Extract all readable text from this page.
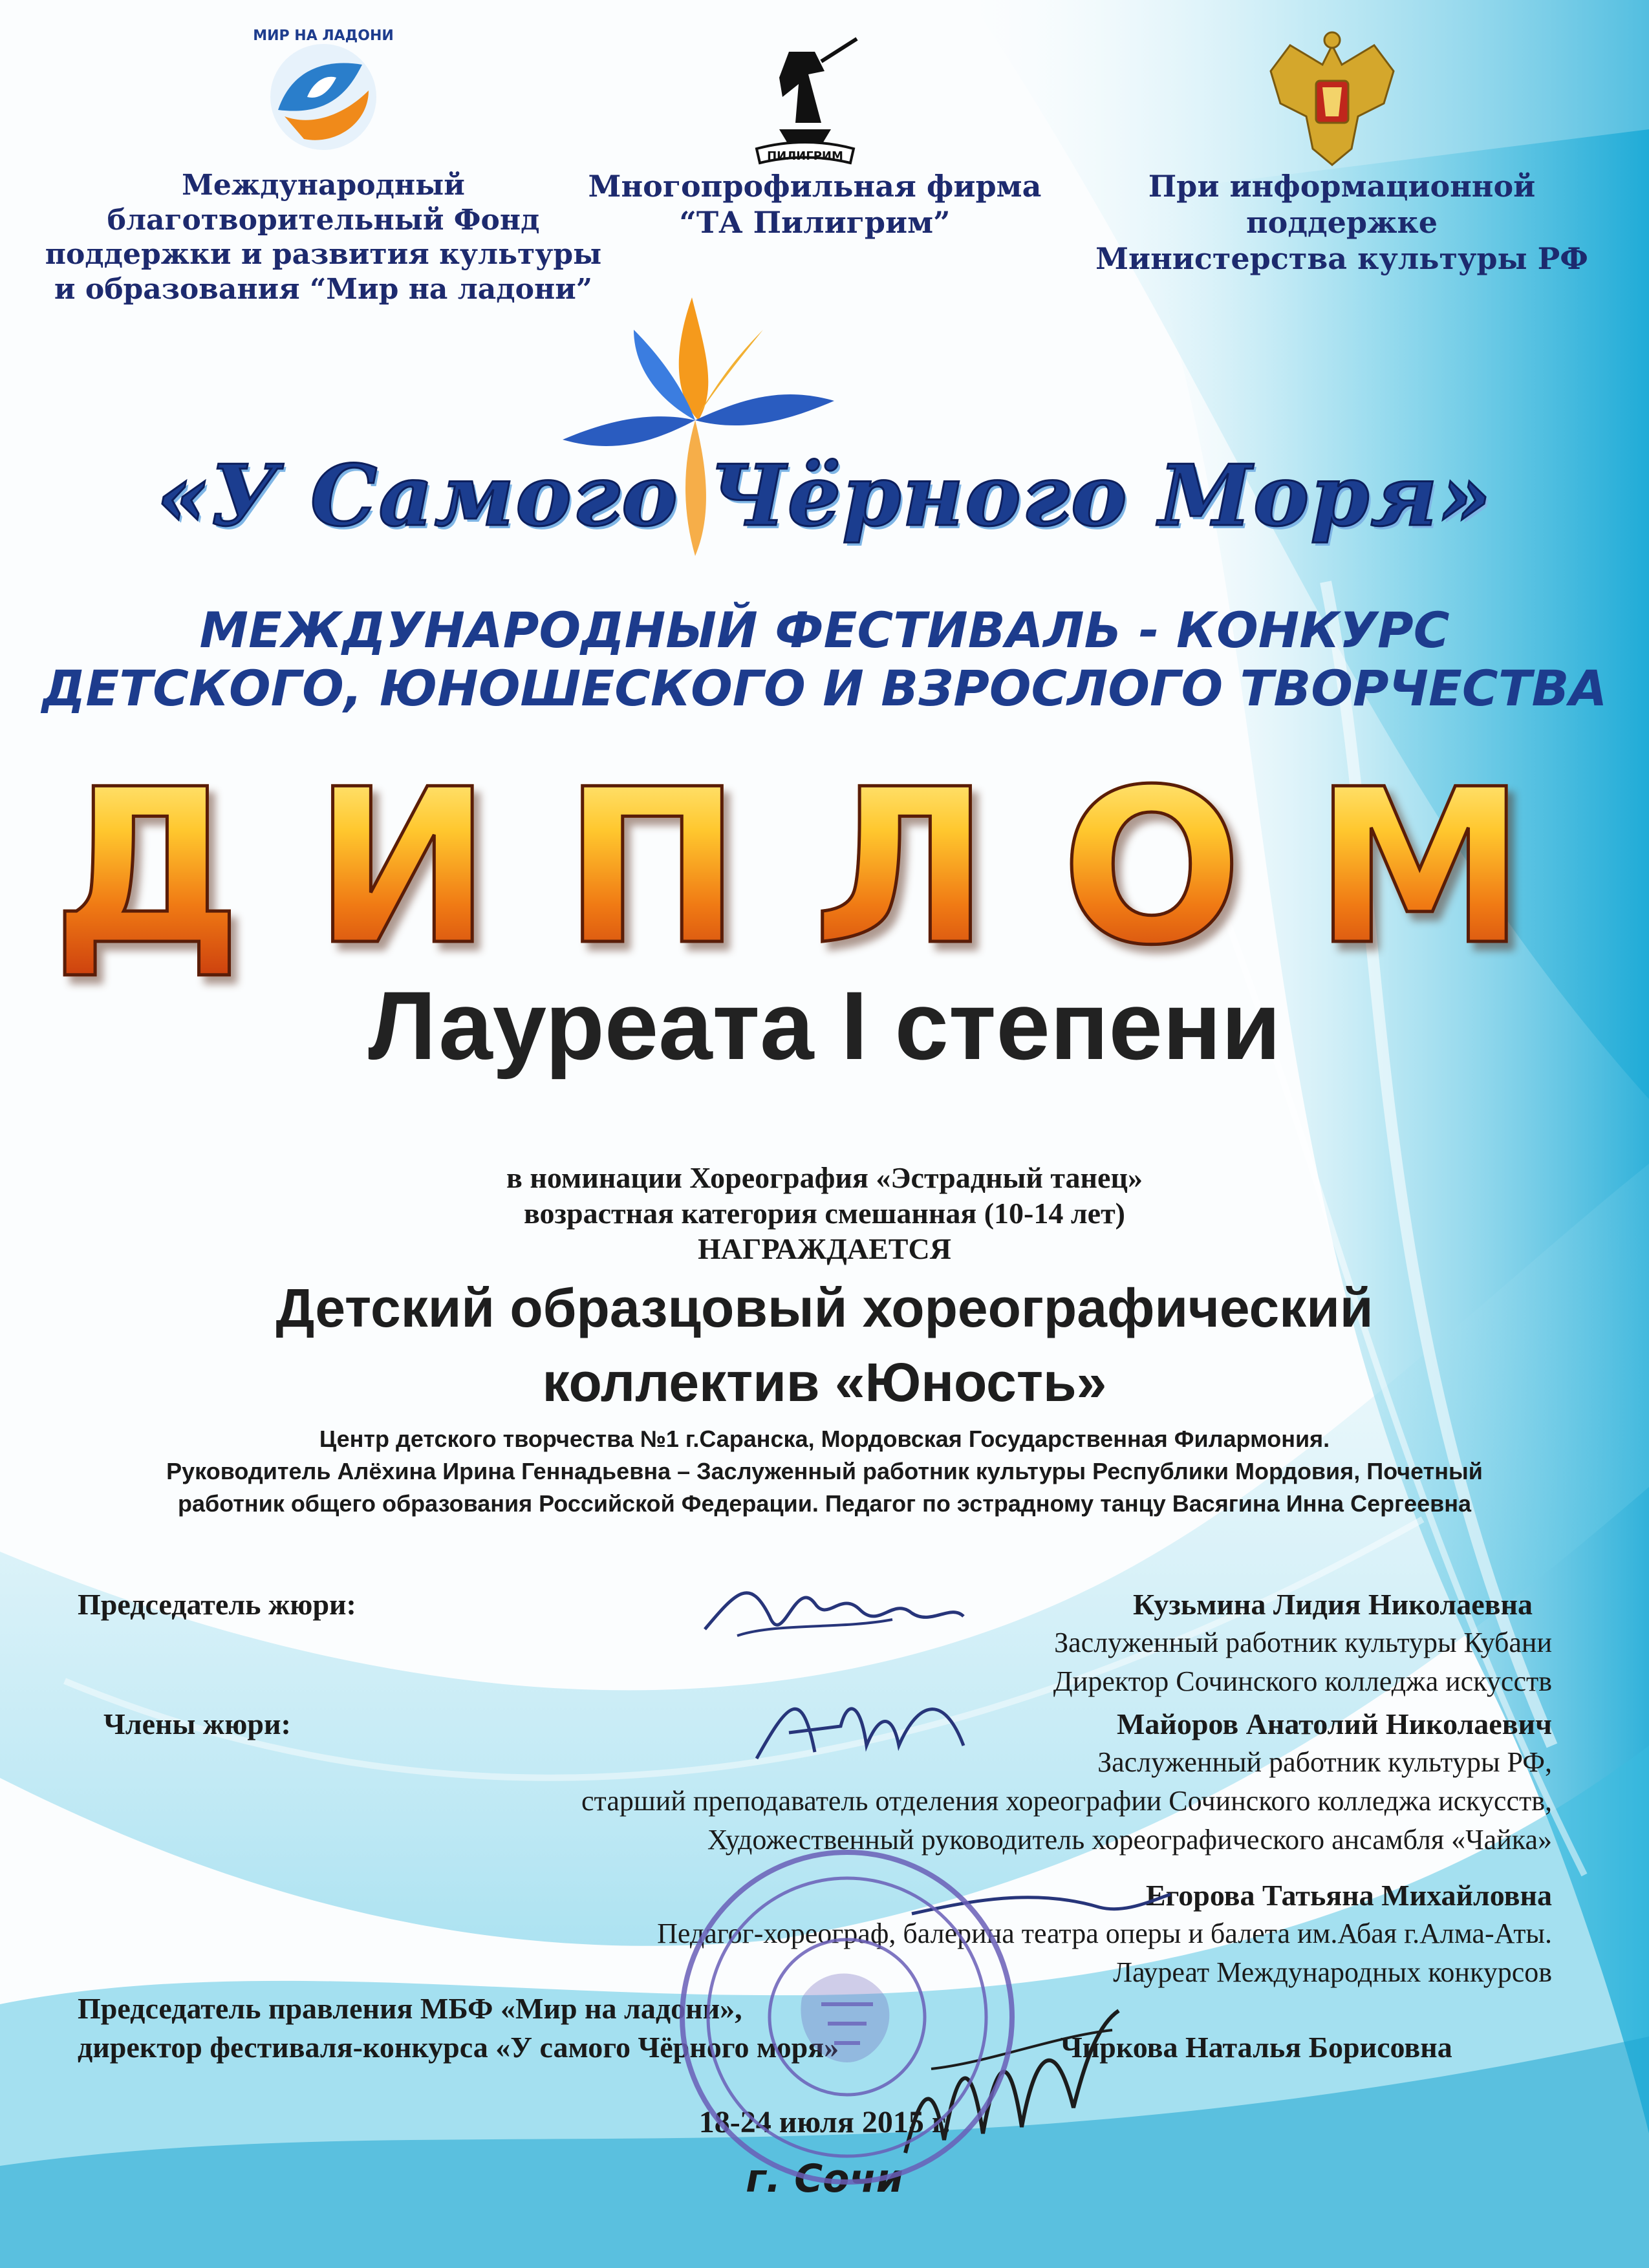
МИР НА ЛАДОНИ
ПИЛИГРИМ
Международный
благотворительный Фонд
поддержки и развития культуры
и образования “Мир на ладони”
Многопрофильная фирма
“ТА Пилигрим”
При информационной
поддержке
Министерства культуры РФ
«У Самого Чёрного Моря»
МЕЖДУНАРОДНЫЙ ФЕСТИВАЛЬ - КОНКУРС
ДЕТСКОГО, ЮНОШЕСКОГО И ВЗРОСЛОГО ТВОРЧЕСТВА
ДИПЛОМ
Лауреата I степени
в номинации Хореография «Эстрадный танец»
возрастная категория смешанная (10-14 лет)
НАГРАЖДАЕТСЯ
Детский образцовый хореографический
коллектив «Юность»
Центр детского творчества №1 г.Саранска, Мордовская Государственная Филармония.
Руководитель Алёхина Ирина Геннадьевна – Заслуженный работник культуры Республики Мордовия, Почетный
работник общего образования Российской Федерации. Педагог по эстрадному танцу Васягина Инна Сергеевна
Председатель жюри:	Кузьмина Лидия Николаевна
Заслуженный работник культуры Кубани
Директор Сочинского колледжа искусств
Члены жюри:	Майоров Анатолий Николаевич
Заслуженный работник культуры РФ,
старший преподаватель отделения хореографии Сочинского колледжа искусств,
Художественный руководитель хореографического ансамбля «Чайка»
Егорова Татьяна Михайловна
Педагог-хореограф, балерина театра оперы и балета им.Абая г.Алма-Аты.
Лауреат Международных конкурсов
Председатель правления МБФ «Мир на ладони»,
директор фестиваля-конкурса «У самого Чёрного моря»	Чиркова Наталья Борисовна
18-24 июля 2015 г.
г. Сочи
